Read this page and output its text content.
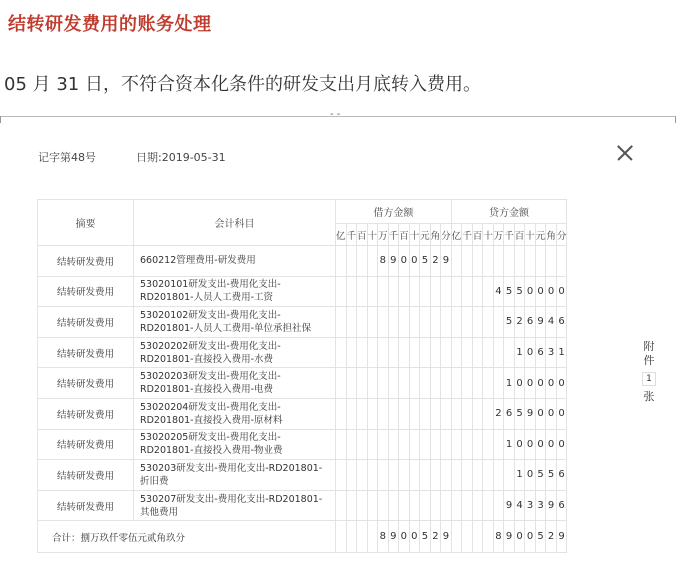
结转研发费用的账务处理
05 月 31 日，不符合资本化条件的研发支出月底转入费用。
- -
记字第48号	日期:2019-05-31
摘要	会计科目	借方金额											贷方金额										
		亿	千	百	十	万	千	百	十	元	角	分	亿	千	百	十	万	千	百	十	元	角	分
结转研发费用	660212管理费用-研发费用					8	9	0	0	5	2	9											
结转研发费用	53020101研发支出-费用化支出-
RD201801-人员人工费用-工资																4	5	5	0	0	0	0
结转研发费用	53020102研发支出-费用化支出-
RD201801-人员人工费用-单位承担社保																	5	2	6	9	4	6
结转研发费用	53020202研发支出-费用化支出-
RD201801-直接投入费用-水费																		1	0	6	3	1
结转研发费用	53020203研发支出-费用化支出-
RD201801-直接投入费用-电费																	1	0	0	0	0	0
结转研发费用	53020204研发支出-费用化支出-
RD201801-直接投入费用-原材料																2	6	5	9	0	0	0
结转研发费用	53020205研发支出-费用化支出-
RD201801-直接投入费用-物业费																	1	0	0	0	0	0
结转研发费用	530203研发支出-费用化支出-RD201801-
折旧费																		1	0	5	5	6
结转研发费用	530207研发支出-费用化支出-RD201801-
其他费用																	9	4	3	3	9	6
合计：捌万玖仟零伍元贰角玖分						8	9	0	0	5	2	9					8	9	0	0	5	2	9
附
件
1
张
